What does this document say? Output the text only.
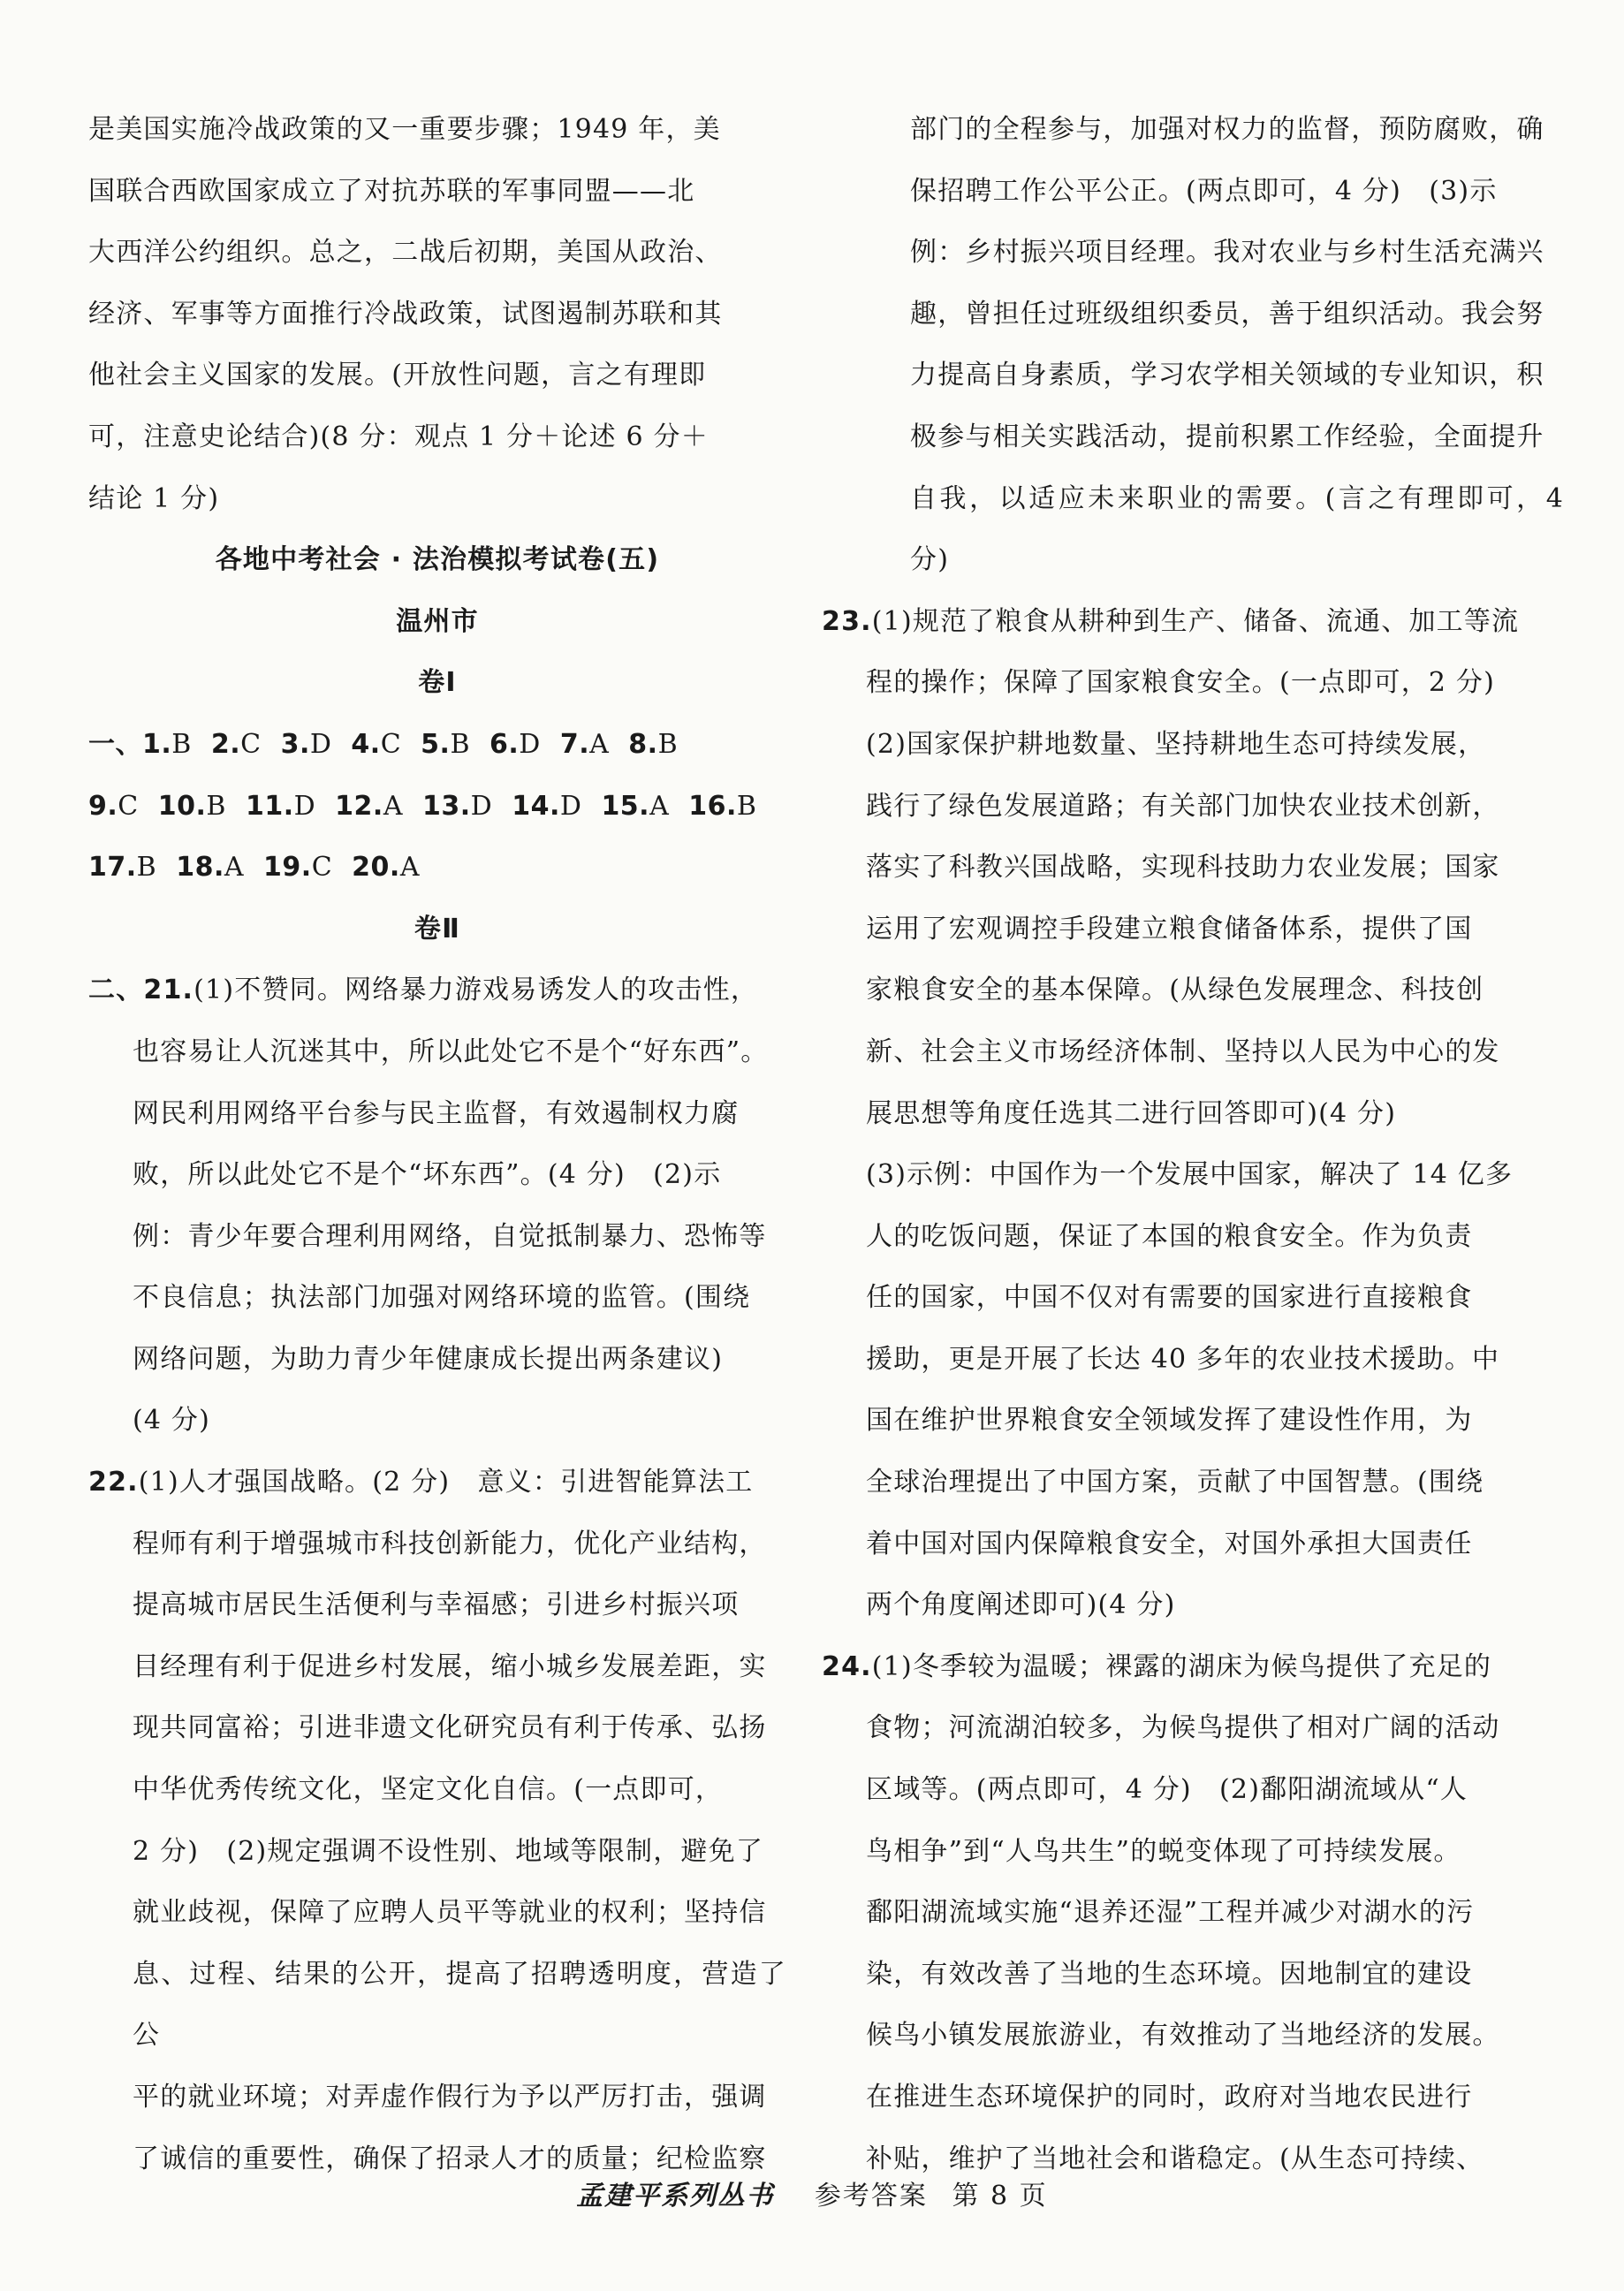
是美国实施冷战政策的又一重要步骤；1949 年，美

国联合西欧国家成立了对抗苏联的军事同盟——北

大西洋公约组织。总之，二战后初期，美国从政治、

经济、军事等方面推行冷战政策，试图遏制苏联和其

他社会主义国家的发展。(开放性问题，言之有理即

可，注意史论结合)(8 分：观点 1 分＋论述 6 分＋

结论 1 分)

各地中考社会 · 法治模拟考试卷(五)

温州市

卷Ⅰ

一、1.B 2.C 3.D 4.C 5.B 6.D 7.A 8.B

9.C 10.B 11.D 12.A 13.D 14.D 15.A 16.B

17.B 18.A 19.C 20.A

卷Ⅱ

二、21.(1)不赞同。网络暴力游戏易诱发人的攻击性，

也容易让人沉迷其中，所以此处它不是个“好东西”。

网民利用网络平台参与民主监督，有效遏制权力腐

败，所以此处它不是个“坏东西”。(4 分)　(2)示

例：青少年要合理利用网络，自觉抵制暴力、恐怖等

不良信息；执法部门加强对网络环境的监管。(围绕

网络问题，为助力青少年健康成长提出两条建议)

(4 分)

22.(1)人才强国战略。(2 分)　意义：引进智能算法工

程师有利于增强城市科技创新能力，优化产业结构，

提高城市居民生活便利与幸福感；引进乡村振兴项

目经理有利于促进乡村发展，缩小城乡发展差距，实

现共同富裕；引进非遗文化研究员有利于传承、弘扬

中华优秀传统文化，坚定文化自信。(一点即可，

2 分)　(2)规定强调不设性别、地域等限制，避免了

就业歧视，保障了应聘人员平等就业的权利；坚持信

息、过程、结果的公开，提高了招聘透明度，营造了公

平的就业环境；对弄虚作假行为予以严厉打击，强调

了诚信的重要性，确保了招录人才的质量；纪检监察

部门的全程参与，加强对权力的监督，预防腐败，确

保招聘工作公平公正。(两点即可，4 分)　(3)示

例：乡村振兴项目经理。我对农业与乡村生活充满兴

趣，曾担任过班级组织委员，善于组织活动。我会努

力提高自身素质，学习农学相关领域的专业知识，积

极参与相关实践活动，提前积累工作经验，全面提升

自我，以适应未来职业的需要。(言之有理即可，4 分)

23.(1)规范了粮食从耕种到生产、储备、流通、加工等流

程的操作；保障了国家粮食安全。(一点即可，2 分)

(2)国家保护耕地数量、坚持耕地生态可持续发展，

践行了绿色发展道路；有关部门加快农业技术创新，

落实了科教兴国战略，实现科技助力农业发展；国家

运用了宏观调控手段建立粮食储备体系，提供了国

家粮食安全的基本保障。(从绿色发展理念、科技创

新、社会主义市场经济体制、坚持以人民为中心的发

展思想等角度任选其二进行回答即可)(4 分)

(3)示例：中国作为一个发展中国家，解决了 14 亿多

人的吃饭问题，保证了本国的粮食安全。作为负责

任的国家，中国不仅对有需要的国家进行直接粮食

援助，更是开展了长达 40 多年的农业技术援助。中

国在维护世界粮食安全领域发挥了建设性作用，为

全球治理提出了中国方案，贡献了中国智慧。(围绕

着中国对国内保障粮食安全，对国外承担大国责任

两个角度阐述即可)(4 分)

24.(1)冬季较为温暖；裸露的湖床为候鸟提供了充足的

食物；河流湖泊较多，为候鸟提供了相对广阔的活动

区域等。(两点即可，4 分)　(2)鄱阳湖流域从“人

鸟相争”到“人鸟共生”的蜕变体现了可持续发展。

鄱阳湖流域实施“退养还湿”工程并减少对湖水的污

染，有效改善了当地的生态环境。因地制宜的建设

候鸟小镇发展旅游业，有效推动了当地经济的发展。

在推进生态环境保护的同时，政府对当地农民进行

补贴，维护了当地社会和谐稳定。(从生态可持续、

孟建平系列丛书 参考答案 第 8 页
